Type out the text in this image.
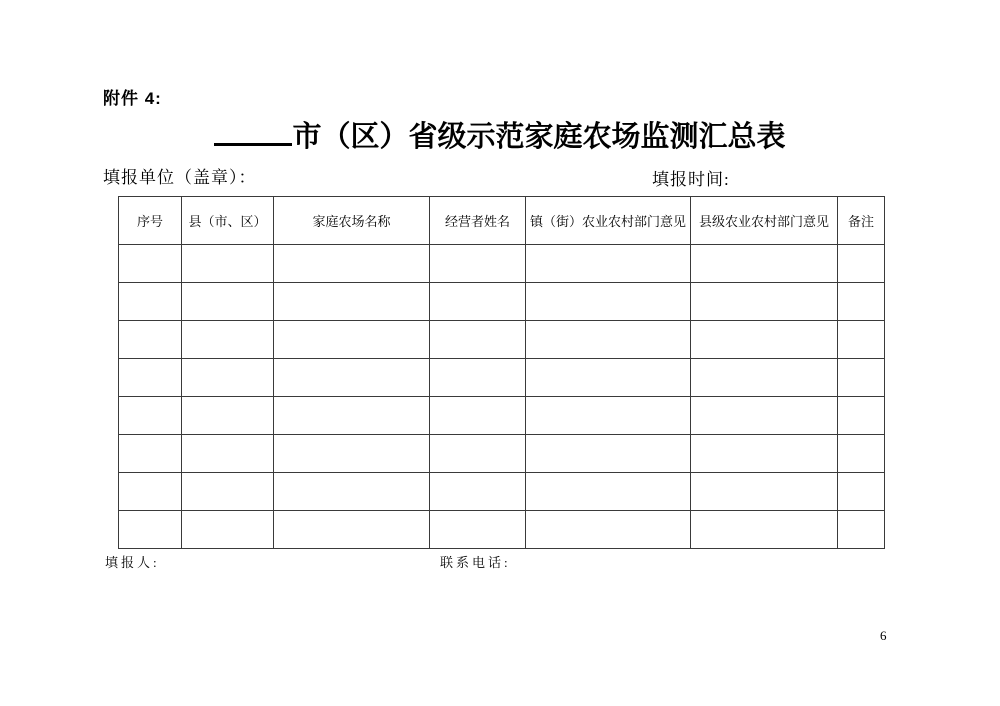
附件 4:
市（区）省级示范家庭农场监测汇总表
填报单位（盖章）：	填报时间:
序号	县（市、区）	家庭农场名称	经营者姓名	镇（街）农业农村部门意见	县级农业农村部门意见	备注

填报人:	联系电话:
6
